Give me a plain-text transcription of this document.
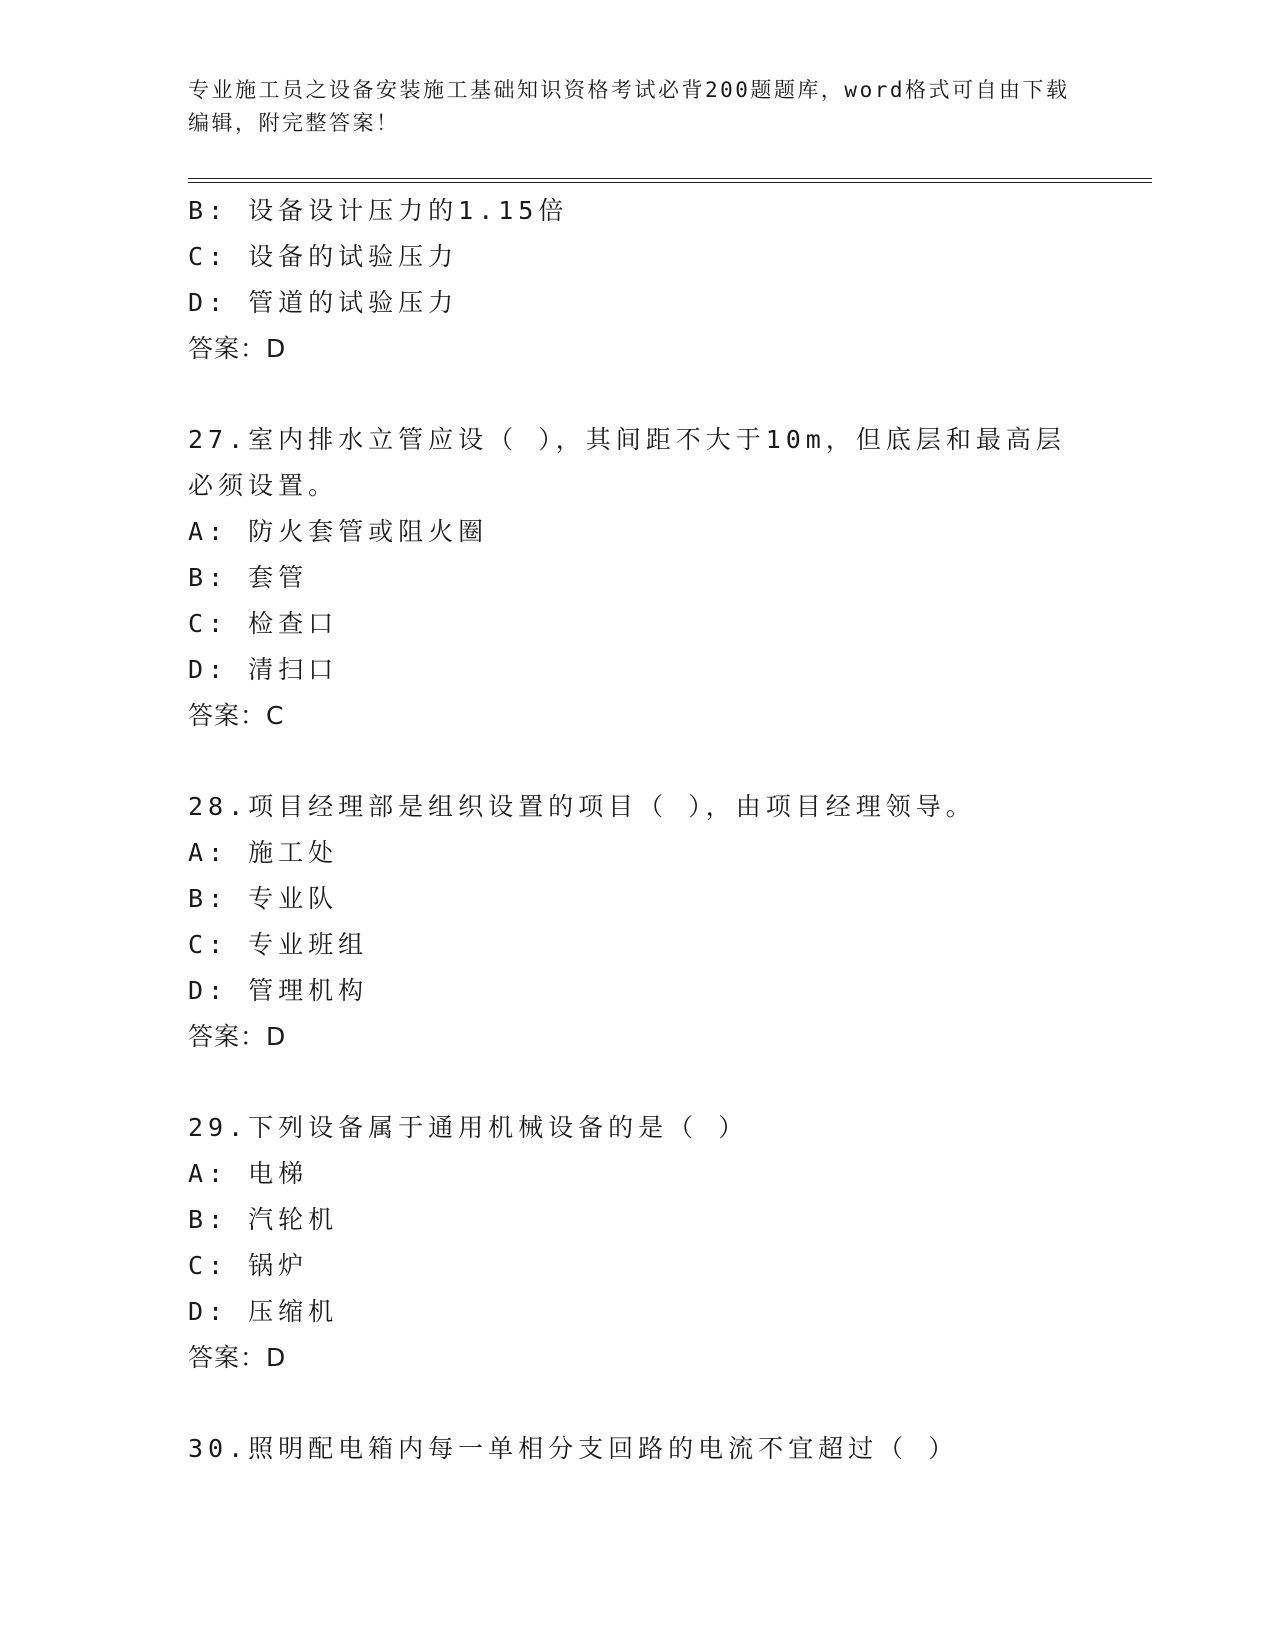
专业施工员之设备安装施工基础知识资格考试必背200题题库，word格式可自由下载编辑，附完整答案！
B: 设备设计压力的1.15倍
C: 设备的试验压力
D: 管道的试验压力
答案：D
27.室内排水立管应设（ ），其间距不大于10m，但底层和最高层必须设置。
A: 防火套管或阻火圈
B: 套管
C: 检查口
D: 清扫口
答案：C
28.项目经理部是组织设置的项目（ ），由项目经理领导。
A: 施工处
B: 专业队
C: 专业班组
D: 管理机构
答案：D
29.下列设备属于通用机械设备的是（ ）
A: 电梯
B: 汽轮机
C: 锅炉
D: 压缩机
答案：D
30.照明配电箱内每一单相分支回路的电流不宜超过（ ）
